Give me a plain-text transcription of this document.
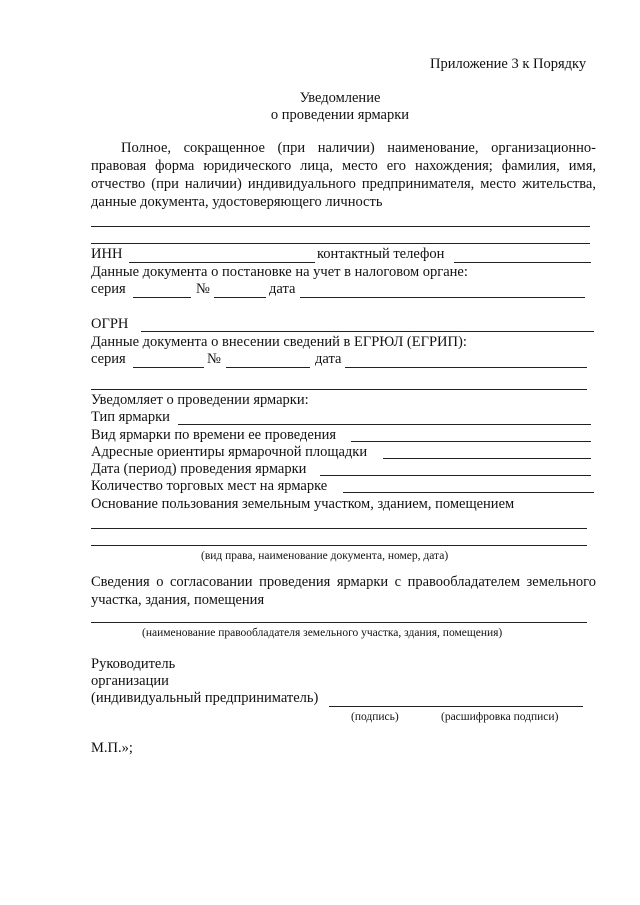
Приложение 3 к Порядку
Уведомление
о проведении ярмарки
Полное, сокращенное (при наличии) наименование, организационно-правовая форма юридического лица, место его нахождения; фамилия, имя, отчество (при наличии) индивидуального предпринимателя, место жительства, данные документа, удостоверяющего личность
ИНН	контактный телефон
Данные документа о постановке на учет в налоговом органе:
серия	№	дата
ОГРН
Данные документа о внесении сведений в ЕГРЮЛ (ЕГРИП):
серия	№	дата
Уведомляет о проведении ярмарки:
Тип ярмарки
Вид ярмарки по времени ее проведения
Адресные ориентиры ярмарочной площадки
Дата (период) проведения ярмарки
Количество торговых мест на ярмарке
Основание пользования земельным участком, зданием, помещением
(вид права, наименование документа, номер, дата)
Сведения о согласовании проведения ярмарки с правообладателем земельного участка, здания, помещения
(наименование правообладателя земельного участка, здания, помещения)
Руководитель
организации
(индивидуальный предприниматель)
(подпись)	(расшифровка подписи)
М.П.»;
